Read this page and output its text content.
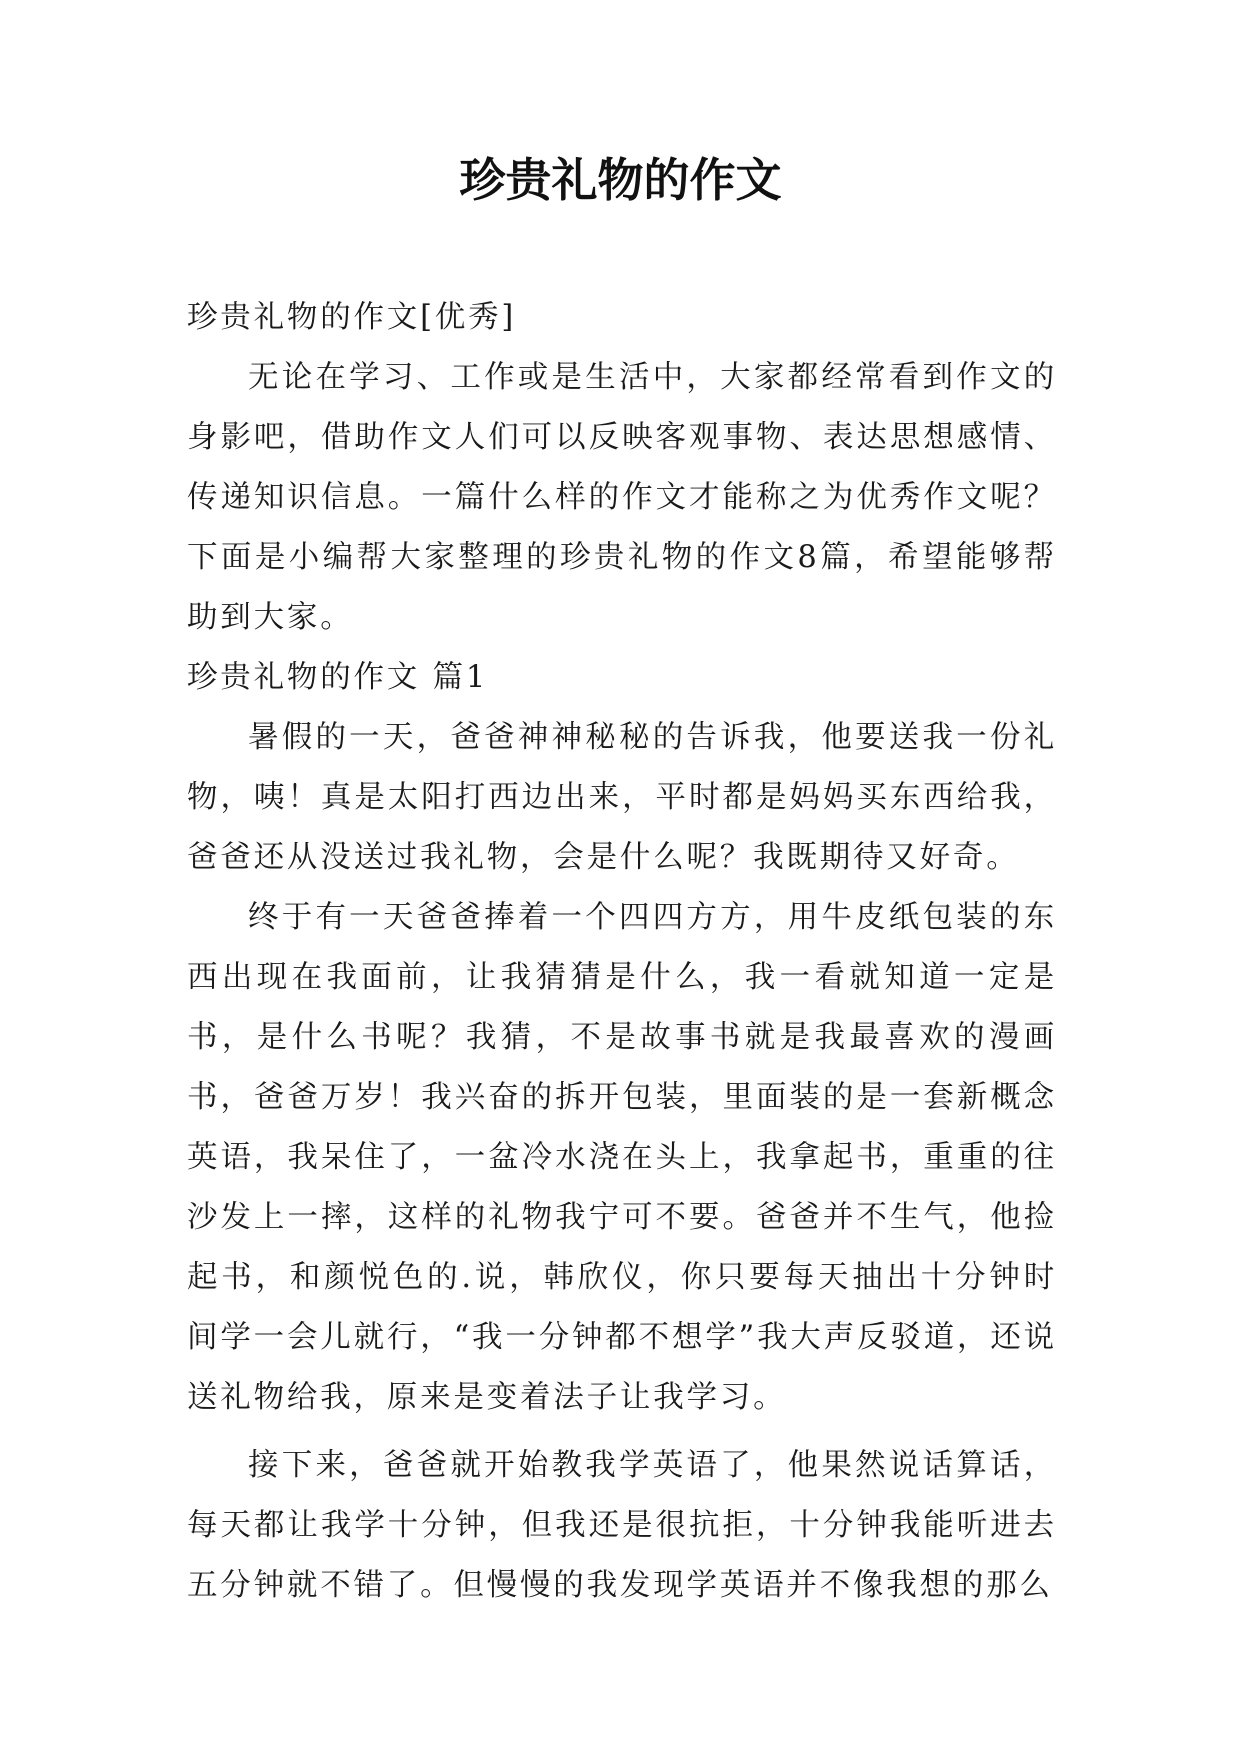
珍贵礼物的作文

珍贵礼物的作文[优秀]

无论在学习、工作或是生活中，大家都经常看到作文的身影吧，借助作文人们可以反映客观事物、表达思想感情、传递知识信息。一篇什么样的作文才能称之为优秀作文呢？下面是小编帮大家整理的珍贵礼物的作文8篇，希望能够帮助到大家。

珍贵礼物的作文 篇1

暑假的一天，爸爸神神秘秘的告诉我，他要送我一份礼物，咦！真是太阳打西边出来，平时都是妈妈买东西给我，爸爸还从没送过我礼物，会是什么呢？我既期待又好奇。

终于有一天爸爸捧着一个四四方方，用牛皮纸包装的东西出现在我面前，让我猜猜是什么，我一看就知道一定是书，是什么书呢？我猜，不是故事书就是我最喜欢的漫画书，爸爸万岁！我兴奋的拆开包装，里面装的是一套新概念英语，我呆住了，一盆冷水浇在头上，我拿起书，重重的往沙发上一摔，这样的礼物我宁可不要。爸爸并不生气，他捡起书，和颜悦色的.说，韩欣仪，你只要每天抽出十分钟时间学一会儿就行，“我一分钟都不想学”我大声反驳道，还说送礼物给我，原来是变着法子让我学习。

接下来，爸爸就开始教我学英语了，他果然说话算话，每天都让我学十分钟，但我还是很抗拒，十分钟我能听进去五分钟就不错了。但慢慢的我发现学英语并不像我想的那么
